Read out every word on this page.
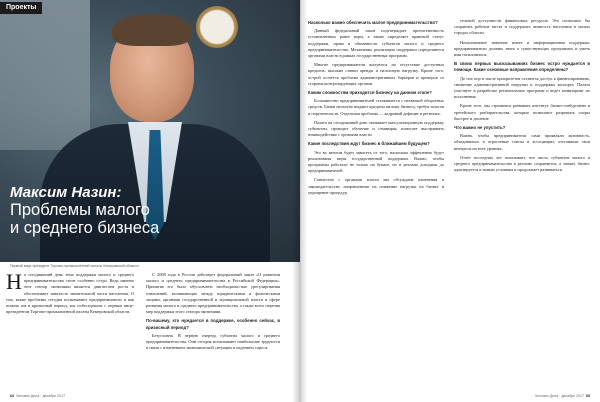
Проекты
Максим Назин:
Проблемы малого
и среднего бизнеса
Первый вице-президент Торгово-промышленной палаты Кемеровской области
Н а сегодняшний день тема поддержки малого и среднего предпринимательства стоит особенно остро. Ведь именно этот сектор экономики является двигателем роста и обеспечивает занятость значительной части населения. О том, какие проблемы сегодня испытывают предприниматели и как помочь им в кризисный период, мы побеседовали с первым вице-президентом Торгово-промышленной палаты Кемеровской области.

С 2008 года в России действует федеральный закон «О развитии малого и среднего предпринимательства в Российской Федерации». Принятие его было обусловлено необходимостью урегулирования отношений, возникающих между юридическими и физическими лицами, органами государственной и муниципальной власти в сфере развития малого и среднего предпринимательства, а также всего перечня мер поддержки этого сектора экономики.

По-вашему, кто нуждается в поддержке, особенно сейчас, в кризисный период?

Безусловно. В первую очередь субъекты малого и среднего предпринимательства. Они сегодня испытывают наибольшие трудности в связи с изменением экономической ситуации и падением спроса.

64 Человек Дела · декабрь 2017

Насколько важно обеспечить малое предпринимательство?

Данный федеральный закон подтверждает преемственность установленных ранее норм, а также определяет правовой статус поддержки, права и обязанности субъектов малого и среднего предпринимательства. Механизмы реализации поддержки определяются органами власти в рамках государственных программ.

Многие предприниматели жалуются на отсутствие доступных кредитов, высокие ставки аренды и налоговую нагрузку. Кроме того, острой остаётся проблема административных барьеров и проверок со стороны контролирующих органов.

Каким сложностям приходится бизнесу на данном этапе?

Большинство предпринимателей сталкивается с нехваткой оборотных средств. Банки неохотно выдают кредиты малому бизнесу, требуя залогов и поручительств. Отдельная проблема — кадровый дефицит в регионах.

Палата на сегодняшний день оказывает консультационную поддержку субъектам, проводит обучение и семинары, помогает выстраивать взаимодействие с органами власти.

Какие последствия ждут бизнес в ближайшем будущем?

Это во многом будет зависеть от того, насколько эффективно будут реализованы меры государственной поддержки. Важно, чтобы программы работали не только на бумаге, но и реально доходили до предпринимателей.

Совместно с органами власти мы обсуждаем изменения в законодательстве, направленные на снижение нагрузки на бизнес и упрощение процедур.

тельной доступности финансовых ресурсов. Это позволило бы сохранить рабочие места и поддержать занятость населения в малых городах области.

Немаловажное значение имеет и информационная поддержка: предприниматели должны знать о существующих программах и уметь ими пользоваться.

В своих первых высказываниях бизнес остро нуждается в помощи. Какие основные направления определены?

До сих пор в числе приоритетов остаются доступ к финансированию, снижение административной нагрузки и поддержка экспорта. Палата участвует в разработке региональных программ и ведёт мониторинг их исполнения.

Кроме того, мы стремимся развивать институт бизнес-омбудсмена и третейского разбирательства, которые позволяют разрешать споры быстрее и дешевле.

Что важно не упустить?

Важно, чтобы предприниматели сами проявляли активность, объединялись в отраслевые союзы и ассоциации, отстаивали свои интересы на всех уровнях.

Отчёт последних лет показывает, что число субъектов малого и среднего предпринимательства в регионе сохраняется, а значит, бизнес адаптируется к новым условиям и продолжает развиваться.

Человек Дела · декабрь 2017 65
